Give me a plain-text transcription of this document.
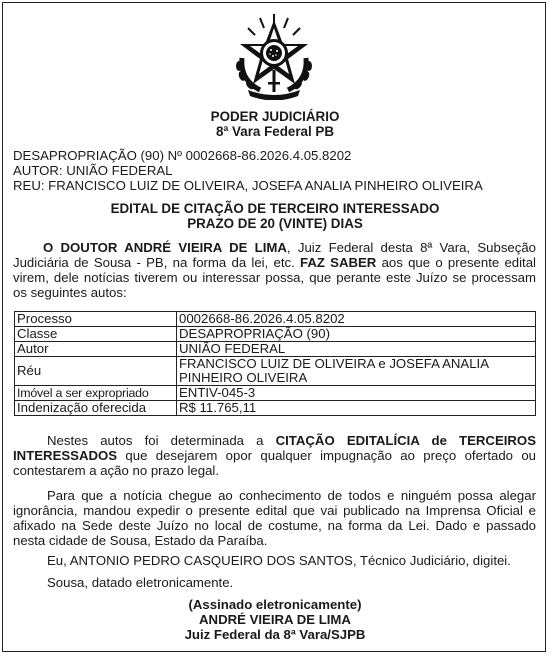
PODER JUDICIÁRIO
8ª Vara Federal PB
DESAPROPRIAÇÃO (90) Nº 0002668-86.2026.4.05.8202
AUTOR: UNIÃO FEDERAL
REU: FRANCISCO LUIZ DE OLIVEIRA, JOSEFA ANALIA PINHEIRO OLIVEIRA
EDITAL DE CITAÇÃO DE TERCEIRO INTERESSADO
PRAZO DE 20 (VINTE) DIAS
O DOUTOR ANDRÉ VIEIRA DE LIMA, Juiz Federal desta 8ª Vara, Subseção Judiciária de Sousa - PB, na forma da lei, etc. FAZ SABER aos que o presente edital virem, dele notícias tiverem ou interessar possa, que perante este Juízo se processam os seguintes autos:
Processo	0002668-86.2026.4.05.8202
Classe	DESAPROPRIAÇÃO (90)
Autor	UNIÃO FEDERAL
Réu	FRANCISCO LUIZ DE OLIVEIRA e JOSEFA ANALIA PINHEIRO OLIVEIRA
Imóvel a ser expropriado	ENTIV-045-3
Indenização oferecida	R$ 11.765,11
Nestes autos foi determinada a CITAÇÃO EDITALÍCIA de TERCEIROS INTERESSADOS que desejarem opor qualquer impugnação ao preço ofertado ou contestarem a ação no prazo legal.
Para que a notícia chegue ao conhecimento de todos e ninguém possa alegar ignorância, mandou expedir o presente edital que vai publicado na Imprensa Oficial e afixado na Sede deste Juízo no local de costume, na forma da Lei. Dado e passado nesta cidade de Sousa, Estado da Paraíba.
Eu, ANTONIO PEDRO CASQUEIRO DOS SANTOS, Técnico Judiciário, digitei.
Sousa, datado eletronicamente.
(Assinado eletronicamente)
ANDRÉ VIEIRA DE LIMA
Juiz Federal da 8ª Vara/SJPB
